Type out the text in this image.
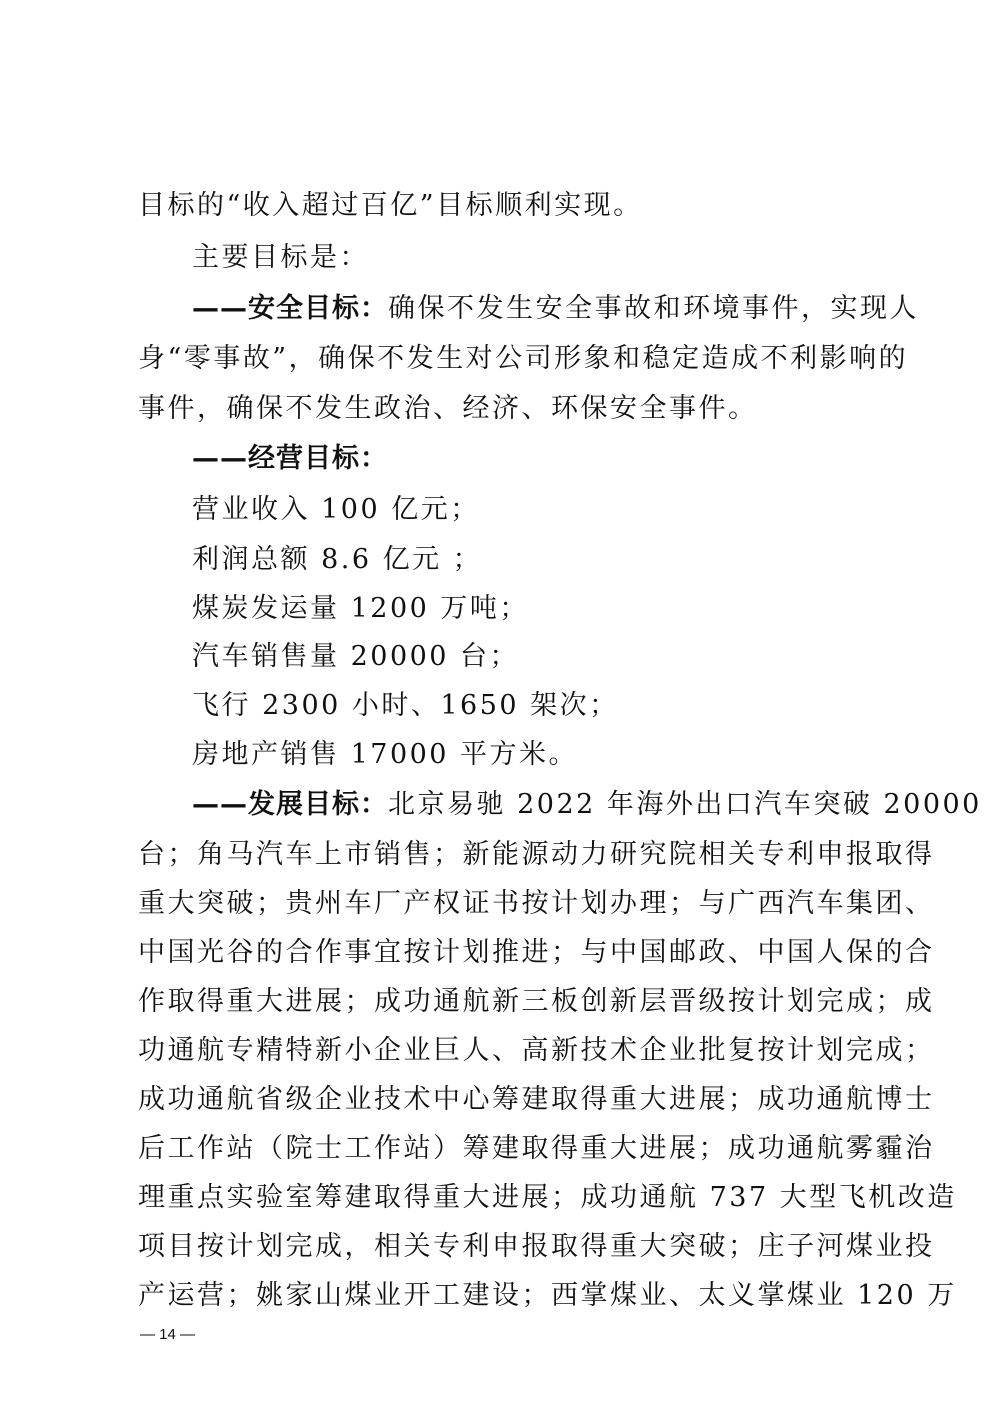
目标的“收入超过百亿”目标顺利实现。
主要目标是：
——安全目标：确保不发生安全事故和环境事件，实现人
身“零事故”，确保不发生对公司形象和稳定造成不利影响的
事件，确保不发生政治、经济、环保安全事件。
——经营目标：
营业收入 100 亿元；
利润总额 8.6 亿元 ；
煤炭发运量 1200 万吨；
汽车销售量 20000 台；
飞行 2300 小时、1650 架次；
房地产销售 17000 平方米。
——发展目标：北京易驰 2022 年海外出口汽车突破 20000
台；角马汽车上市销售；新能源动力研究院相关专利申报取得
重大突破；贵州车厂产权证书按计划办理；与广西汽车集团、
中国光谷的合作事宜按计划推进；与中国邮政、中国人保的合
作取得重大进展；成功通航新三板创新层晋级按计划完成；成
功通航专精特新小企业巨人、高新技术企业批复按计划完成；
成功通航省级企业技术中心筹建取得重大进展；成功通航博士
后工作站（院士工作站）筹建取得重大进展；成功通航雾霾治
理重点实验室筹建取得重大进展；成功通航 737 大型飞机改造
项目按计划完成，相关专利申报取得重大突破；庄子河煤业投
产运营；姚家山煤业开工建设；西掌煤业、太义掌煤业 120 万
— 14 —
